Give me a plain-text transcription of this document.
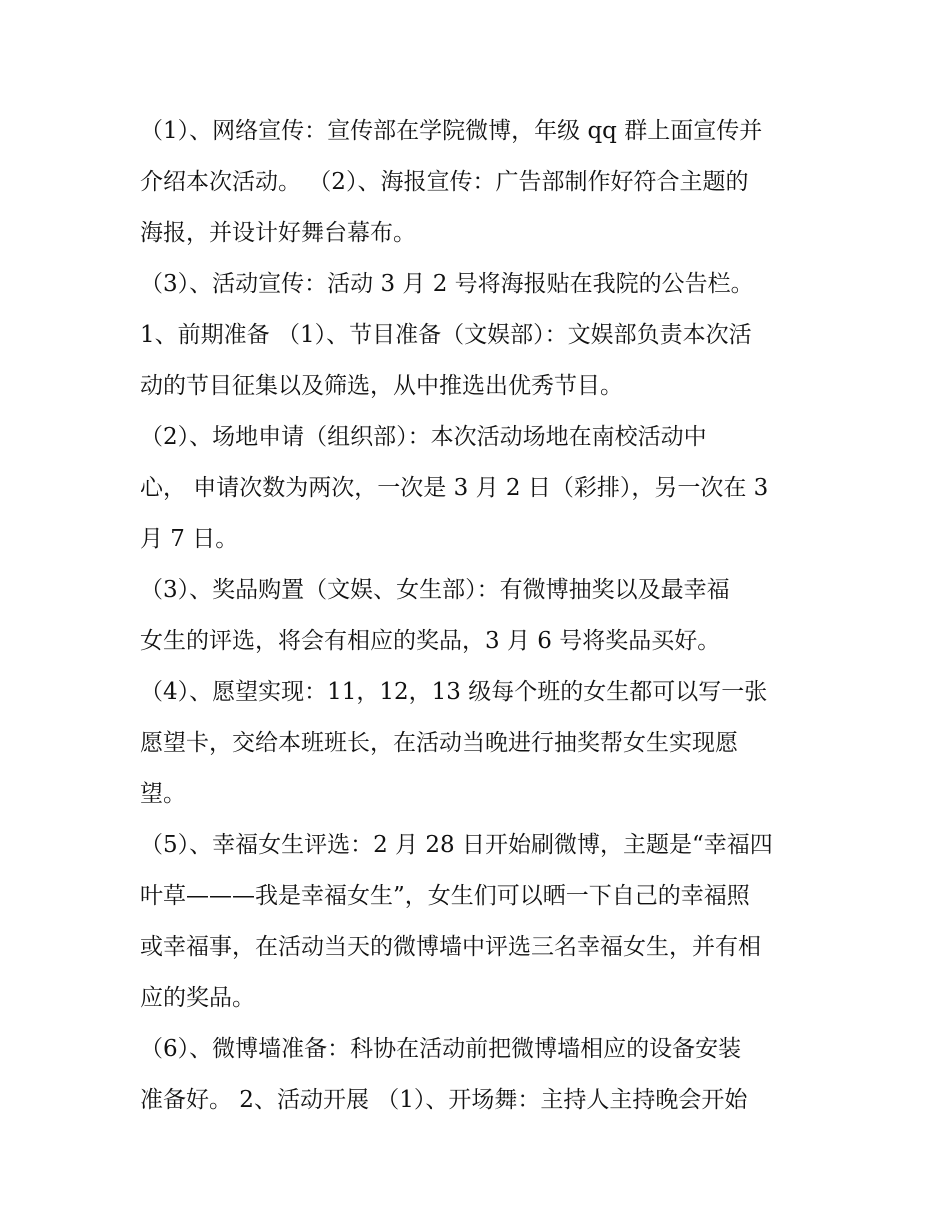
（1）、网络宣传：宣传部在学院微博，年级 qq 群上面宣传并
介绍本次活动。 （2）、海报宣传：广告部制作好符合主题的
海报，并设计好舞台幕布。
（3）、活动宣传：活动 3 月 2 号将海报贴在我院的公告栏。
1、前期准备 （1）、节目准备（文娱部）：文娱部负责本次活
动的节目征集以及筛选，从中推选出优秀节目。
（2）、场地申请（组织部）：本次活动场地在南校活动中
心， 申请次数为两次，一次是 3 月 2 日（彩排），另一次在 3
月 7 日。
（3）、奖品购置（文娱、女生部）：有微博抽奖以及最幸福
女生的评选，将会有相应的奖品，3 月 6 号将奖品买好。
（4）、愿望实现：11，12，13 级每个班的女生都可以写一张
愿望卡，交给本班班长，在活动当晚进行抽奖帮女生实现愿
望。
（5）、幸福女生评选：2 月 28 日开始刷微博，主题是“幸福四
叶草———我是幸福女生”，女生们可以晒一下自己的幸福照
或幸福事，在活动当天的微博墙中评选三名幸福女生，并有相
应的奖品。
（6）、微博墙准备：科协在活动前把微博墙相应的设备安装
准备好。 2、活动开展 （1）、开场舞：主持人主持晚会开始
